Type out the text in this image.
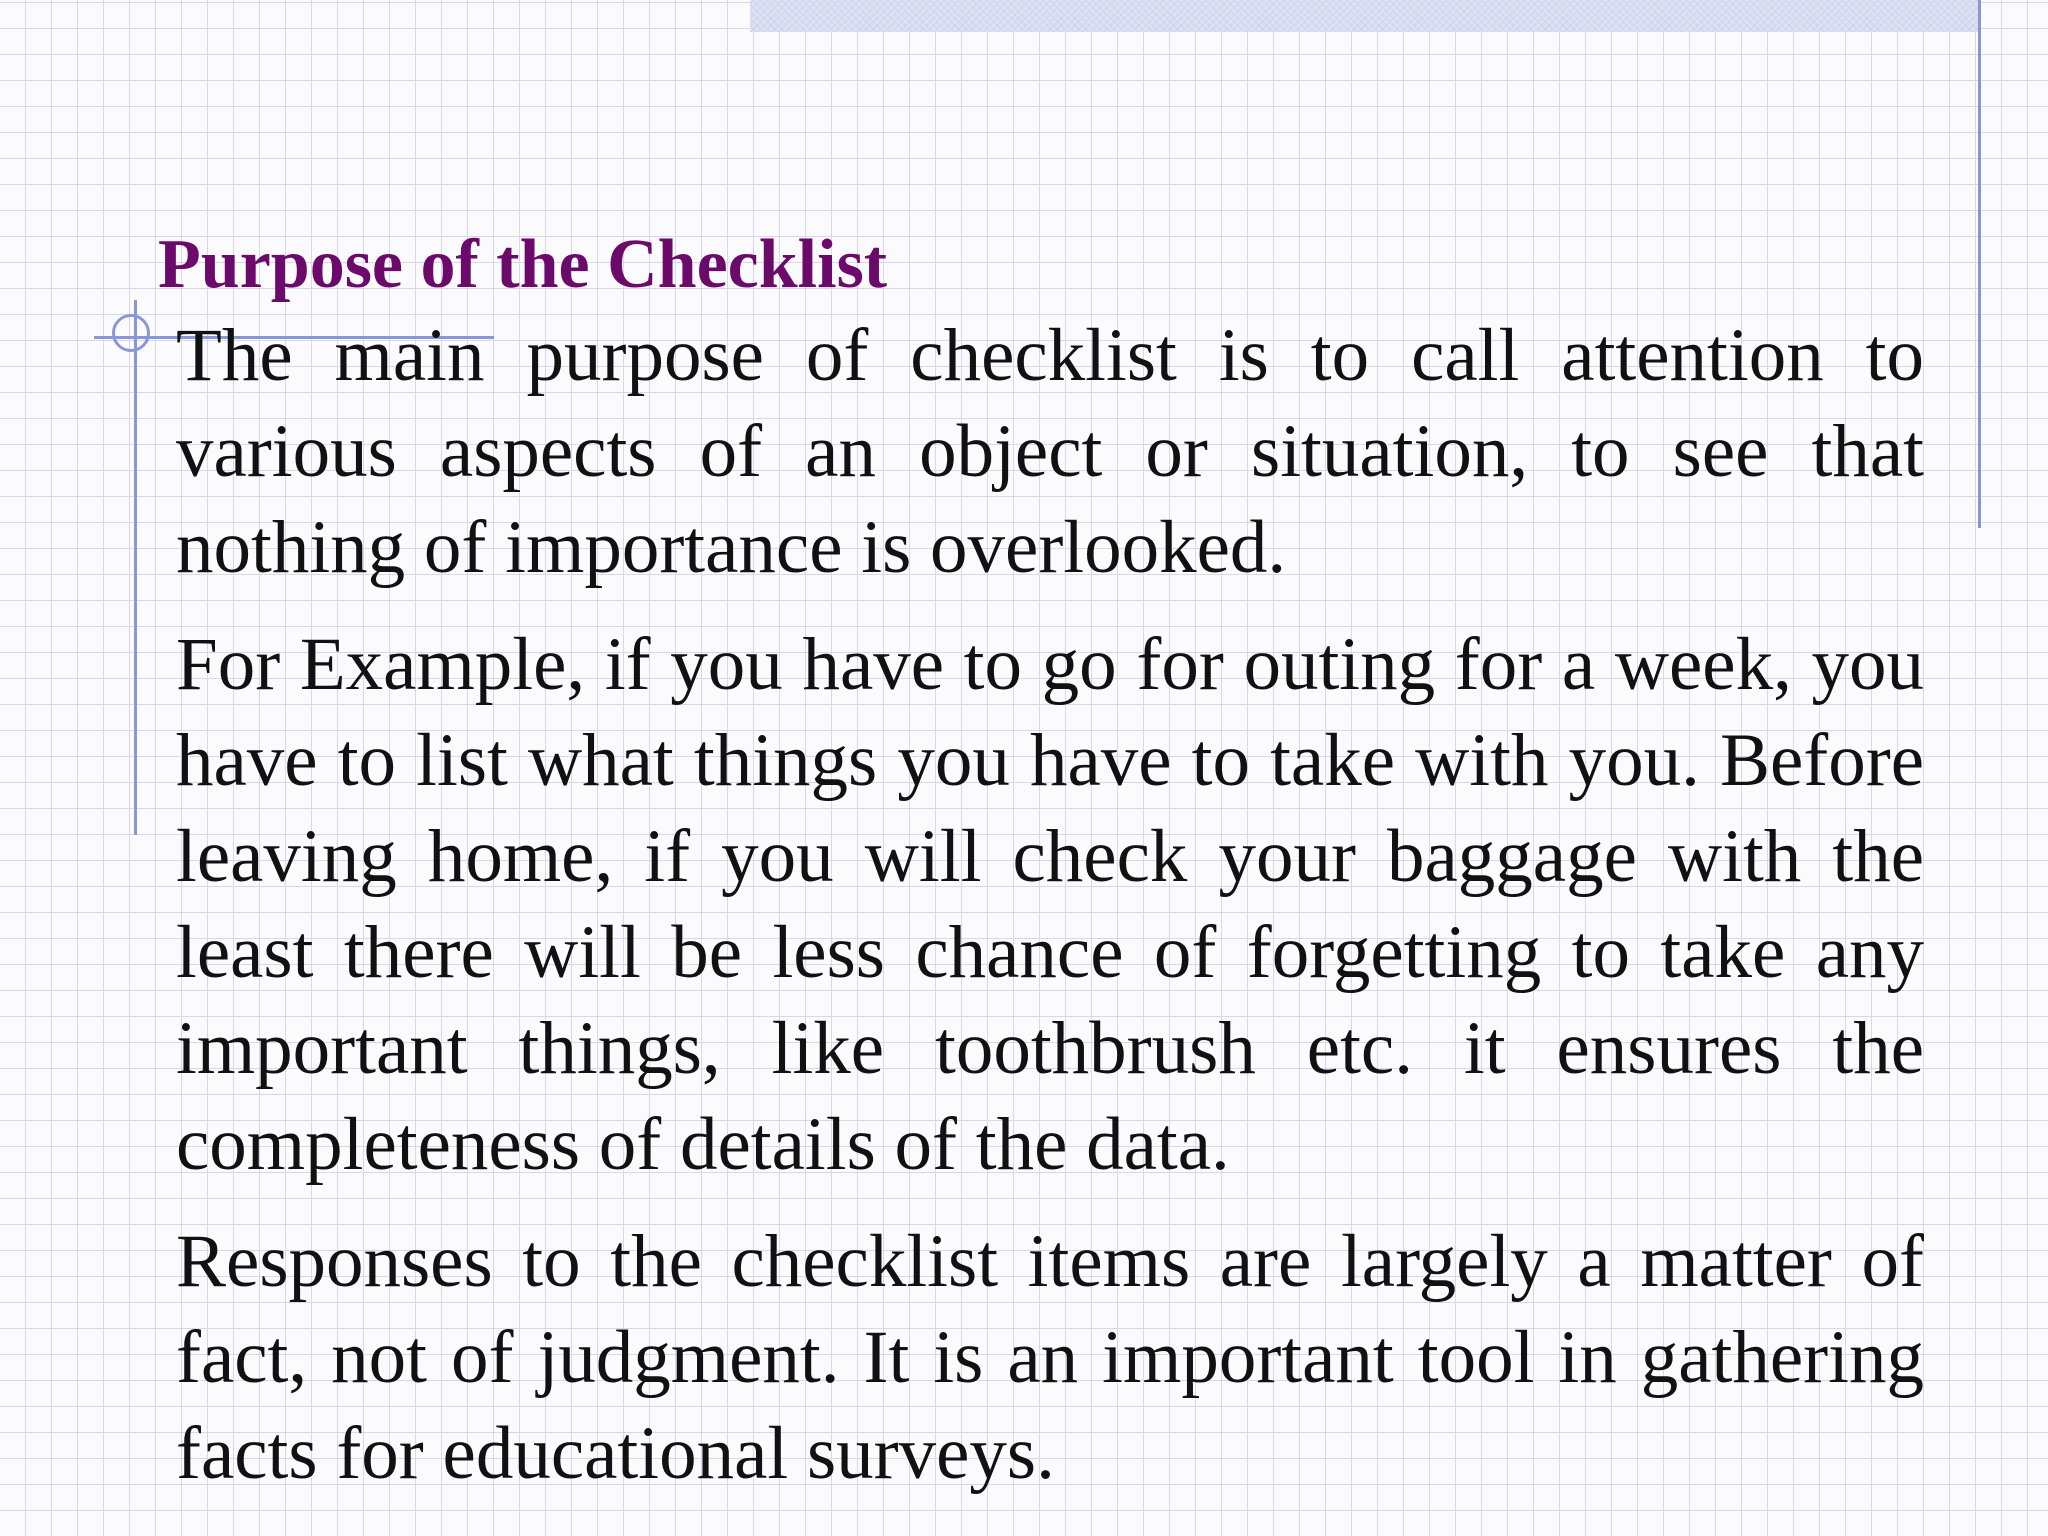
Purpose of the Checklist

The main purpose of checklist is to call attention to various aspects of an object or situation, to see that nothing of importance is overlooked.

For Example, if you have to go for outing for a week, you have to list what things you have to take with you. Before leaving home, if you will check your baggage with the least there will be less chance of forgetting to take any important things, like toothbrush etc. it ensures the completeness of details of the data.

Responses to the checklist items are largely a matter of fact, not of judgment. It is an important tool in gathering facts for educational surveys.
